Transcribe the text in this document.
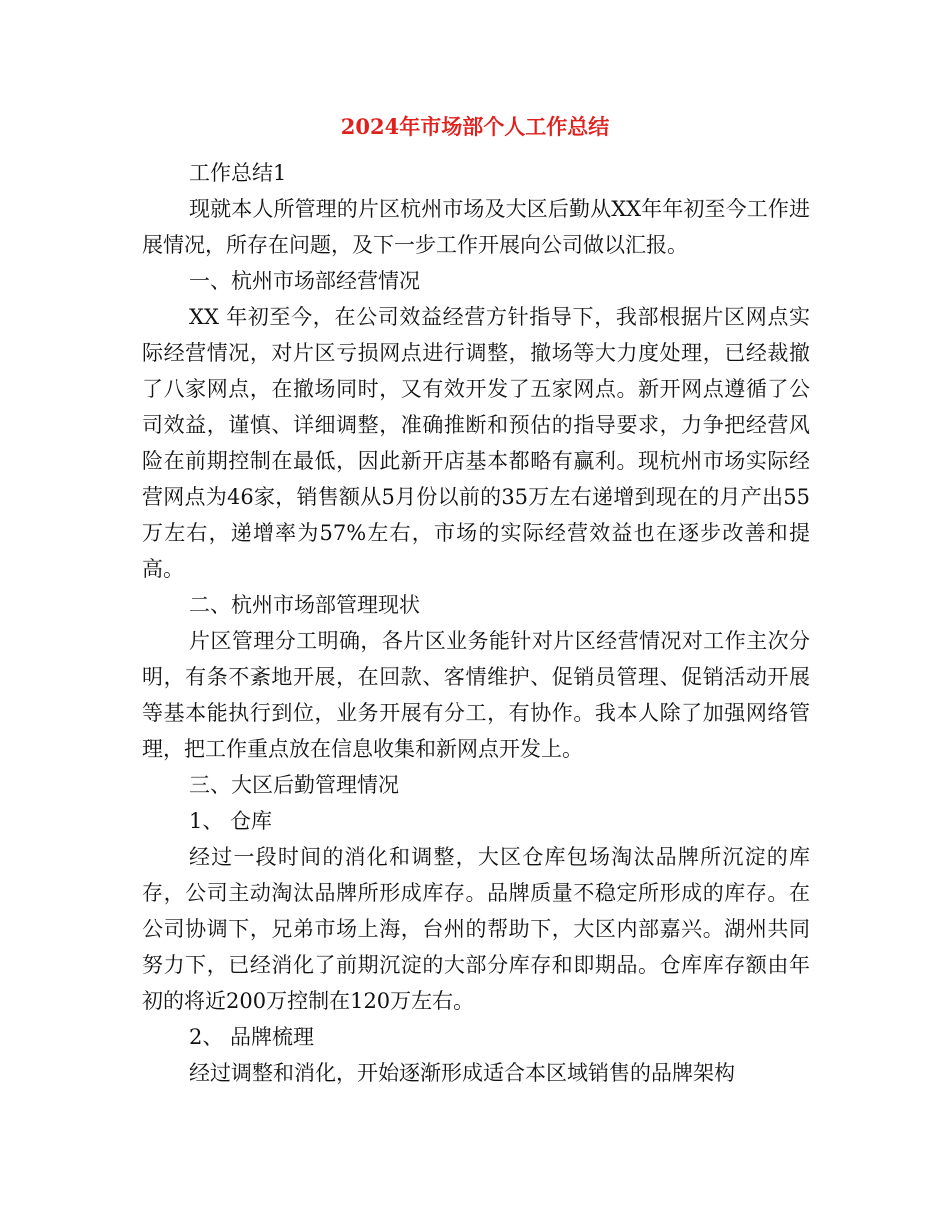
2024年市场部个人工作总结

工作总结1

现就本人所管理的片区杭州市场及大区后勤从XX年年初至今工作进展情况，所存在问题，及下一步工作开展向公司做以汇报。

一、杭州市场部经营情况

XX 年初至今，在公司效益经营方针指导下，我部根据片区网点实际经营情况，对片区亏损网点进行调整，撤场等大力度处理，已经裁撤了八家网点，在撤场同时，又有效开发了五家网点。新开网点遵循了公司效益，谨慎、详细调整，准确推断和预估的指导要求，力争把经营风险在前期控制在最低，因此新开店基本都略有赢利。现杭州市场实际经营网点为46家，销售额从5月份以前的35万左右递增到现在的月产出55万左右，递增率为57%左右，市场的实际经营效益也在逐步改善和提高。

二、杭州市场部管理现状

片区管理分工明确，各片区业务能针对片区经营情况对工作主次分明，有条不紊地开展，在回款、客情维护、促销员管理、促销活动开展等基本能执行到位，业务开展有分工，有协作。我本人除了加强网络管理，把工作重点放在信息收集和新网点开发上。

三、大区后勤管理情况

1、 仓库

经过一段时间的消化和调整，大区仓库包场淘汰品牌所沉淀的库存，公司主动淘汰品牌所形成库存。品牌质量不稳定所形成的库存。在公司协调下，兄弟市场上海，台州的帮助下，大区内部嘉兴。湖州共同努力下，已经消化了前期沉淀的大部分库存和即期品。仓库库存额由年初的将近200万控制在120万左右。

2、 品牌梳理

经过调整和消化，开始逐渐形成适合本区域销售的品牌架构
